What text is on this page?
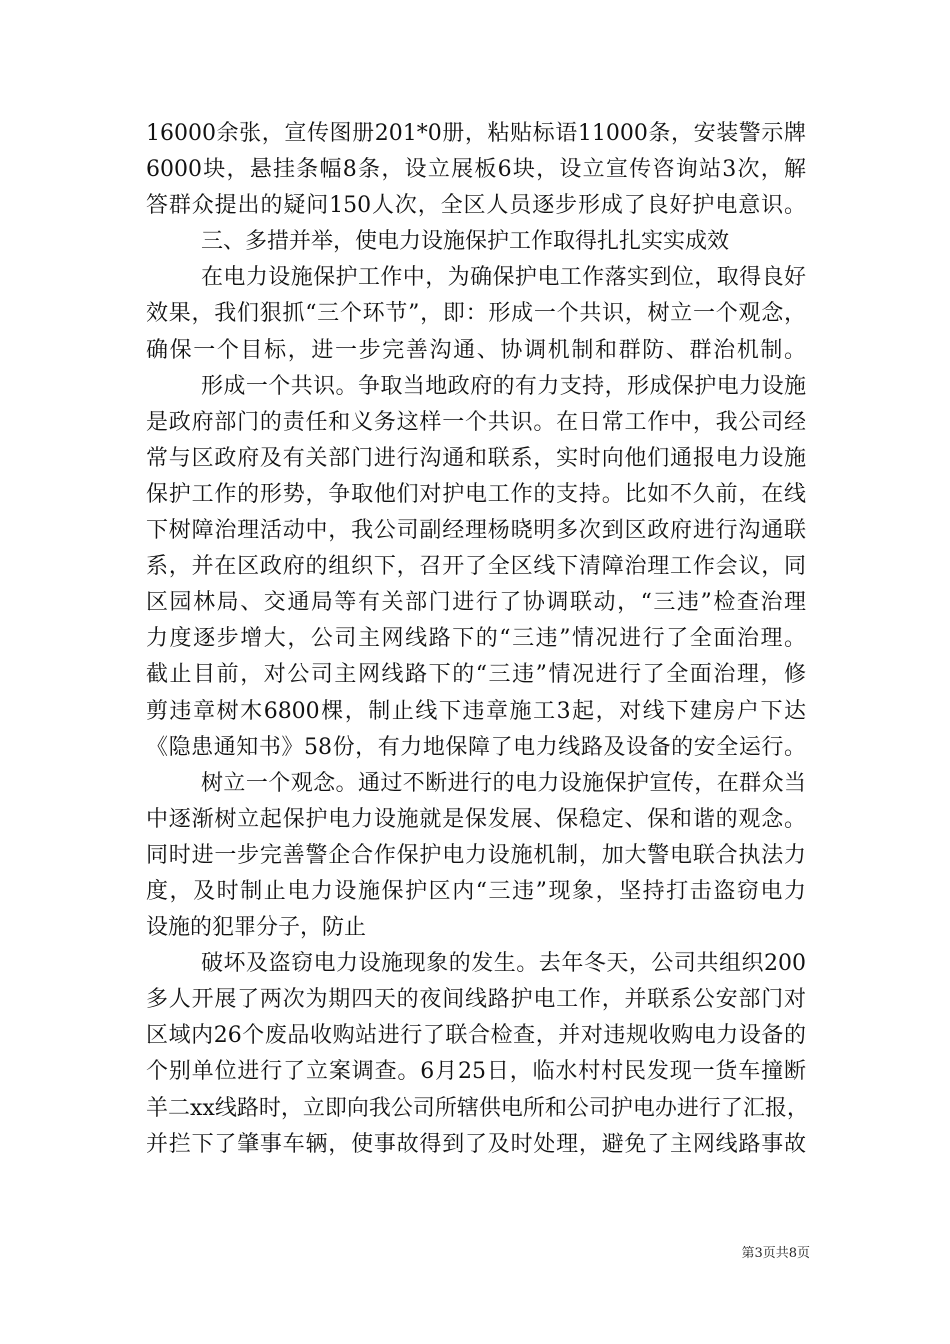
16000余张，宣传图册201*0册，粘贴标语11000条，安装警示牌
6000块，悬挂条幅8条，设立展板6块，设立宣传咨询站3次，解
答群众提出的疑问150人次，全区人员逐步形成了良好护电意识。
三、多措并举，使电力设施保护工作取得扎扎实实成效
在电力设施保护工作中，为确保护电工作落实到位，取得良好
效果，我们狠抓“三个环节”，即：形成一个共识，树立一个观念，
确保一个目标，进一步完善沟通、协调机制和群防、群治机制。
形成一个共识。争取当地政府的有力支持，形成保护电力设施
是政府部门的责任和义务这样一个共识。在日常工作中，我公司经
常与区政府及有关部门进行沟通和联系，实时向他们通报电力设施
保护工作的形势，争取他们对护电工作的支持。比如不久前，在线
下树障治理活动中，我公司副经理杨晓明多次到区政府进行沟通联
系，并在区政府的组织下，召开了全区线下清障治理工作会议，同
区园林局、交通局等有关部门进行了协调联动，“三违”检查治理
力度逐步增大，公司主网线路下的“三违”情况进行了全面治理。
截止目前，对公司主网线路下的“三违”情况进行了全面治理，修
剪违章树木6800棵，制止线下违章施工3起，对线下建房户下达
《隐患通知书》58份，有力地保障了电力线路及设备的安全运行。
树立一个观念。通过不断进行的电力设施保护宣传，在群众当
中逐渐树立起保护电力设施就是保发展、保稳定、保和谐的观念。
同时进一步完善警企合作保护电力设施机制，加大警电联合执法力
度，及时制止电力设施保护区内“三违”现象，坚持打击盗窃电力
设施的犯罪分子，防止
破坏及盗窃电力设施现象的发生。去年冬天，公司共组织200
多人开展了两次为期四天的夜间线路护电工作，并联系公安部门对
区域内26个废品收购站进行了联合检查，并对违规收购电力设备的
个别单位进行了立案调查。6月25日，临水村村民发现一货车撞断
羊二xx线路时，立即向我公司所辖供电所和公司护电办进行了汇报，
并拦下了肇事车辆，使事故得到了及时处理，避免了主网线路事故
第3页共8页
